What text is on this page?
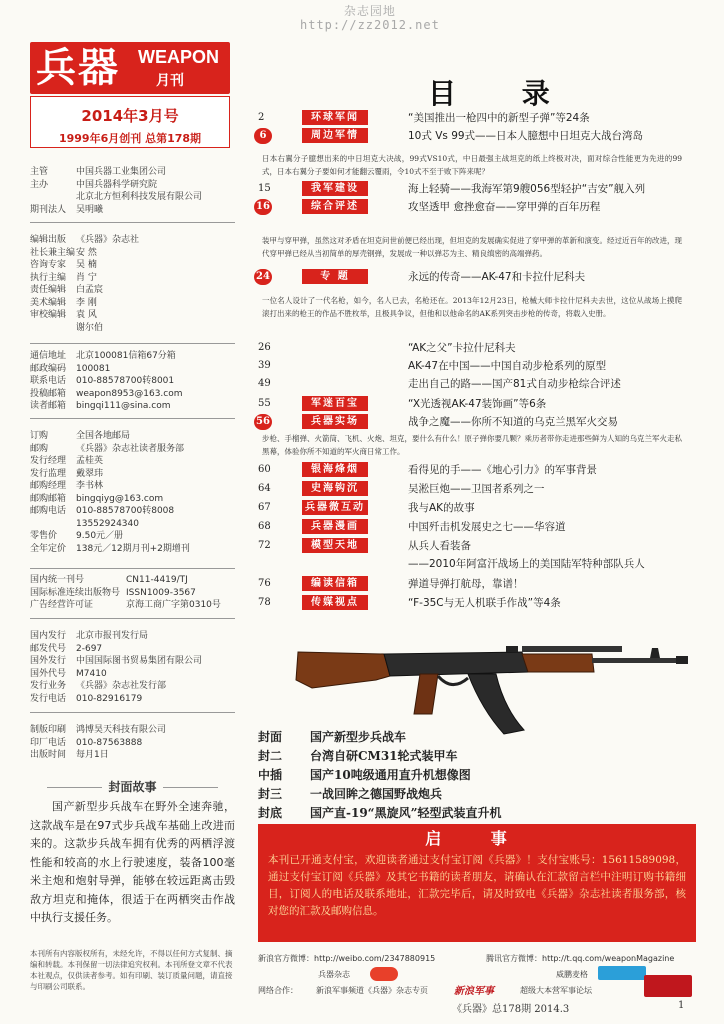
杂志园地
http://zz2012.net
兵器 WEAPON
月刊
2014年3月号
1999年6月创刊 总第178期
主管	中国兵器工业集团公司
主办	中国兵器科学研究院
北京北方恒利科技发展有限公司
期刊法人	吴明曦
编辑出版	《兵器》杂志社
社长兼主编 安 然
咨询专家	吴 楠
执行主编	肖 宁
责任编辑	白孟宸
美术编辑	李 刚
审校编辑	袁 风
谢尔伯
通信地址	北京100081信箱67分箱
邮政编码	100081
联系电话	010-88578700转8001
投稿邮箱	weapon8953@163.com
读者邮箱	bingqi111@sina.com
订购	全国各地邮局
邮购	《兵器》杂志社读者服务部
发行经理	孟桂英
发行监理	戴翠玮
邮购经理	李书林
邮购邮箱	bingqiyg@163.com
邮购电话	010-88578700转8008
13552924340
零售价	9.50元／册
全年定价	138元／12期月刊+2期增刊
国内统一刊号	CN11-4419/TJ
国际标准连续出版物号 ISSN1009-3567
广告经营许可证	京海工商广字第0310号
国内发行	北京市报刊发行局
邮发代号	2-697
国外发行	中国国际图书贸易集团有限公司
国外代号	M7410
发行业务	《兵器》杂志社发行部
发行电话	010-82916179
制版印刷	鸿博昊天科技有限公司
印厂电话	010-87563888
出版时间	每月1日
封面故事
国产新型步兵战车在野外全速奔驰，这款战车是在97式步兵战车基础上改进而来的。这款步兵战车拥有优秀的两栖浮渡性能和较高的水上行驶速度，装备100毫米主炮和炮射导弹，能够在较远距离击毁敌方坦克和掩体，很适于在两栖突击作战中执行支援任务。
本刊所有内容版权所有，未经允许，不得以任何方式复制、摘编和转载。本刊保留一切法律追究权利。本刊所登文章不代表本社观点，仅供读者参考。如有印刷、装订质量问题，请直接与印刷公司联系。
目 录
2	环球军闻	“美国推出一枪四中的新型子弹”等24条
6	周边军情	10式 Vs 99式——日本人臆想中日坦克大战台湾岛
15	我军建设	海上轻骑——我海军第9艘056型轻护“吉安”舰入列
16	综合评述	攻坚透甲 愈挫愈奋——穿甲弹的百年历程
24	专 题	永远的传奇——AK-47和卡拉什尼科夫
26	“AK之父”卡拉什尼科夫
39	AK-47在中国——中国自动步枪系列的原型
49	走出自己的路——国产81式自动步枪综合评述
55	军迷百宝	“X光透视AK-47装饰画”等6条
56	兵器实场	战争之魔——你所不知道的乌克兰黑军火交易
60	银海烽烟	看得见的手——《地心引力》的军事背景
64	史海钩沉	吴淞巨炮——卫国者系列之一
67	兵器微互动	我与AK的故事
68	兵器漫画	中国歼击机发展史之七——华容道
72	模型天地	从兵人看装备
——2010年阿富汗战场上的美国陆军特种部队兵人
76	编读信箱	弹道导弹打航母，靠谱！
78	传媒视点	“F-35C与无人机联手作战”等4条
日本右翼分子臆想出来的中日坦克大决战，99式VS10式，中日最强主战坦克的纸上终极对决，面对综合性能更为先进的99式，日本右翼分子要如何才能翻云覆雨，令10式不至于败下阵来呢？
装甲与穿甲弹，虽然这对矛盾在坦克问世前便已经出现，但坦克的发展确实促进了穿甲弹的革新和演变。经过近百年的改进，现代穿甲弹已经从当初简单的厚壳钢弹，发展成一种以弹芯为主、精良缜密的高端弹药。
一位名人设计了一代名枪，如今，名人已去，名枪还在。2013年12月23日，枪械大师卡拉什尼科夫去世，这位从战场上摸爬滚打出来的枪王的作品不胜枚举，且极具争议，但他和以他命名的AK系列突击步枪的传奇，将载入史册。
步枪、手榴弹、火箭筒、飞机、火炮、坦克，要什么有什么！原子弹你要几颗？乘历者带你走进那些鲜为人知的乌克兰军火走私黑幕，体验你所不知道的军火商日常工作。
封面	国产新型步兵战车
封二	台湾自研CM31轮式装甲车
中插	国产10吨级通用直升机想像图
封三	一战回眸之德国野战炮兵
封底	国产直-19“黑旋风”轻型武装直升机
启 事
本刊已开通支付宝，欢迎读者通过支付宝订阅《兵器》！支付宝账号：15611589098，通过支付宝订阅《兵器》及其它书籍的读者朋友，请确认在汇款留言栏中注明订购书籍细目，订阅人的电话及联系地址，汇款完毕后，请及时致电《兵器》杂志社读者服务部，核对您的汇款及邮购信息。
新浪官方微博：http://weibo.com/2347880915	腾讯官方微博：http://t.qq.com/weaponMagazine
兵器杂志	威鹏麦格
网络合作： 新浪军事频道《兵器》杂志专页	新浪军事	超级大本营军事论坛
《兵器》总178期 2014.3	1
